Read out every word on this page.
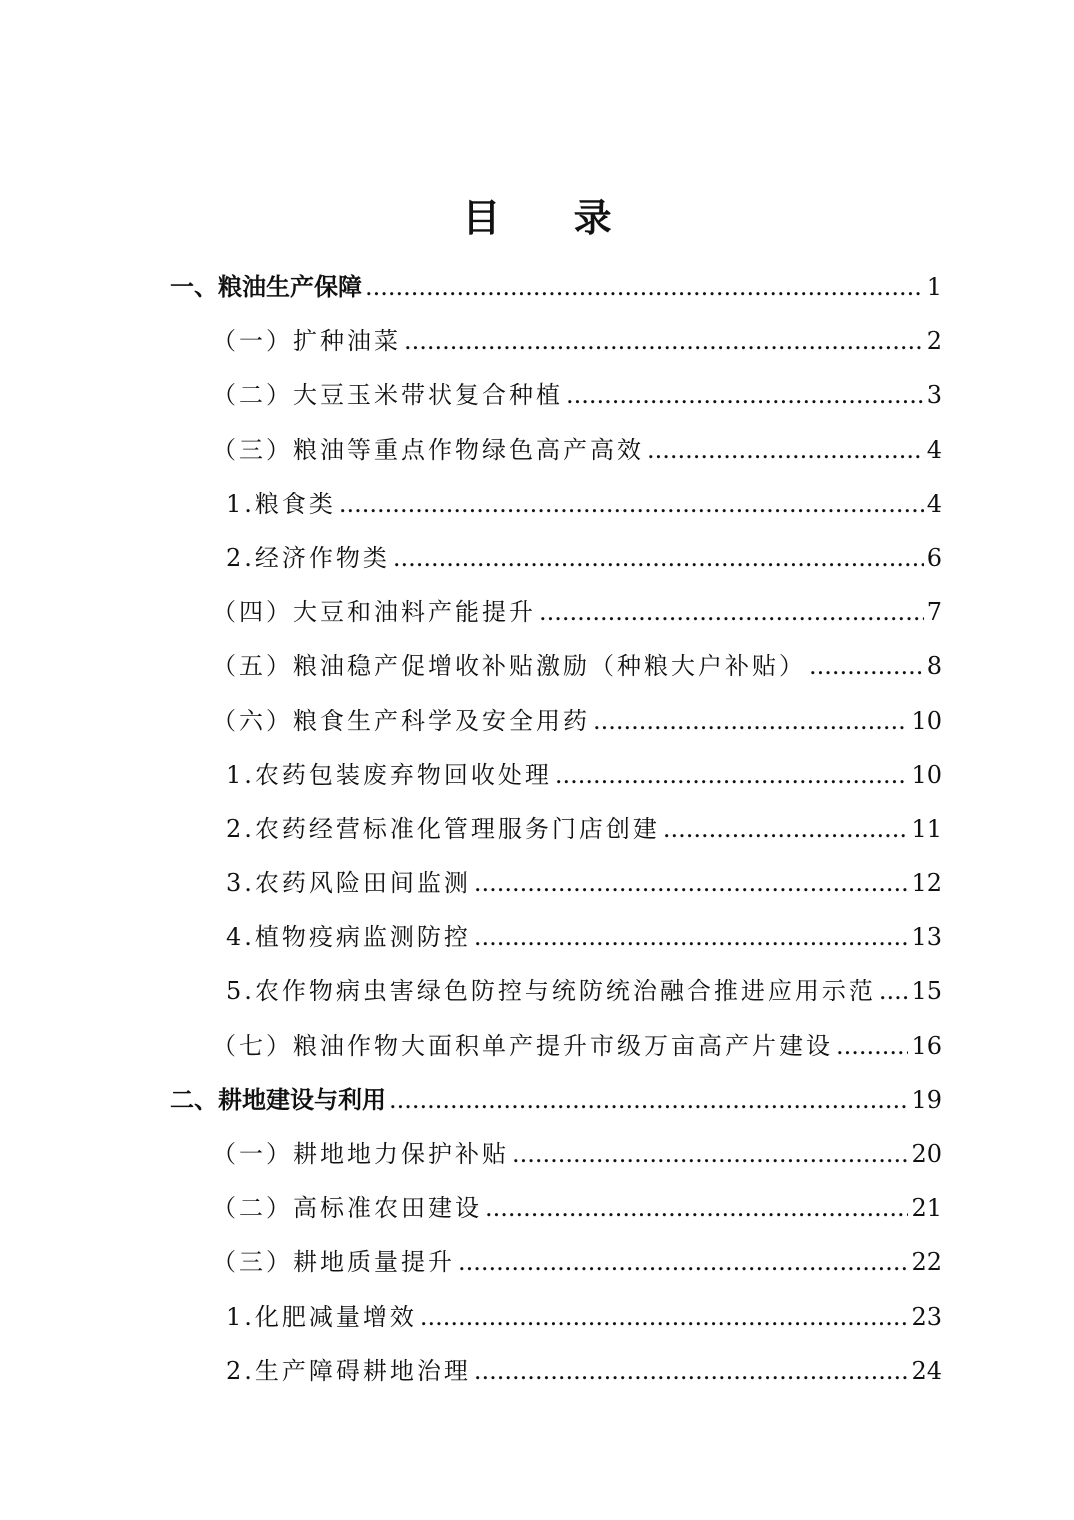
目 录
一、粮油生产保障 .....	1
（一）扩种油菜 .....	2
（二）大豆玉米带状复合种植 .....	3
（三）粮油等重点作物绿色高产高效 .....	4
1.粮食类 .....	4
2.经济作物类 .....	6
（四）大豆和油料产能提升 .....	7
（五）粮油稳产促增收补贴激励（种粮大户补贴） .....	8
（六）粮食生产科学及安全用药 .....	10
1.农药包装废弃物回收处理 .....	10
2.农药经营标准化管理服务门店创建 .....	11
3.农药风险田间监测 .....	12
4.植物疫病监测防控 .....	13
5.农作物病虫害绿色防控与统防统治融合推进应用示范 ..... 15
（七）粮油作物大面积单产提升市级万亩高产片建设 .....	16
二、耕地建设与利用 .....	19
（一）耕地地力保护补贴 .....	20
（二）高标准农田建设 .....	21
（三）耕地质量提升 .....	22
1.化肥减量增效 .....	23
2.生产障碍耕地治理 .....	24
